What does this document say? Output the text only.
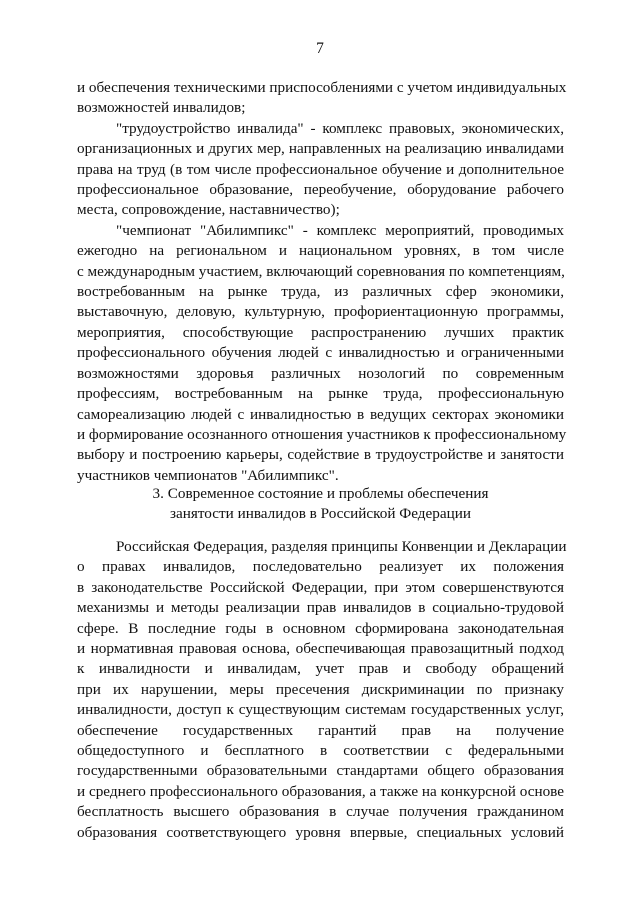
7

и обеспечения техническими приспособлениями с учетом индивидуальных
возможностей инвалидов;

"трудоустройство инвалида" - комплекс правовых, экономических,
организационных и других мер, направленных на реализацию инвалидами
права на труд (в том числе профессиональное обучение и дополнительное
профессиональное образование, переобучение, оборудование рабочего
места, сопровождение, наставничество);

"чемпионат "Абилимпикс" - комплекс мероприятий, проводимых
ежегодно на региональном и национальном уровнях, в том числе
с международным участием, включающий соревнования по компетенциям,
востребованным на рынке труда, из различных сфер экономики,
выставочную, деловую, культурную, профориентационную программы,
мероприятия, способствующие распространению лучших практик
профессионального обучения людей с инвалидностью и ограниченными
возможностями здоровья различных нозологий по современным
профессиям, востребованным на рынке труда, профессиональную
самореализацию людей с инвалидностью в ведущих секторах экономики
и формирование осознанного отношения участников к профессиональному
выбору и построению карьеры, содействие в трудоустройстве и занятости
участников чемпионатов "Абилимпикс".

3. Современное состояние и проблемы обеспечения
занятости инвалидов в Российской Федерации

Российская Федерация, разделяя принципы Конвенции и Декларации
о правах инвалидов, последовательно реализует их положения
в законодательстве Российской Федерации, при этом совершенствуются
механизмы и методы реализации прав инвалидов в социально-трудовой
сфере. В последние годы в основном сформирована законодательная
и нормативная правовая основа, обеспечивающая правозащитный подход
к инвалидности и инвалидам, учет прав и свободу обращений
при их нарушении, меры пресечения дискриминации по признаку
инвалидности, доступ к существующим системам государственных услуг,
обеспечение государственных гарантий прав на получение
общедоступного и бесплатного в соответствии с федеральными
государственными образовательными стандартами общего образования
и среднего профессионального образования, а также на конкурсной основе
бесплатность высшего образования в случае получения гражданином
образования соответствующего уровня впервые, специальных условий
